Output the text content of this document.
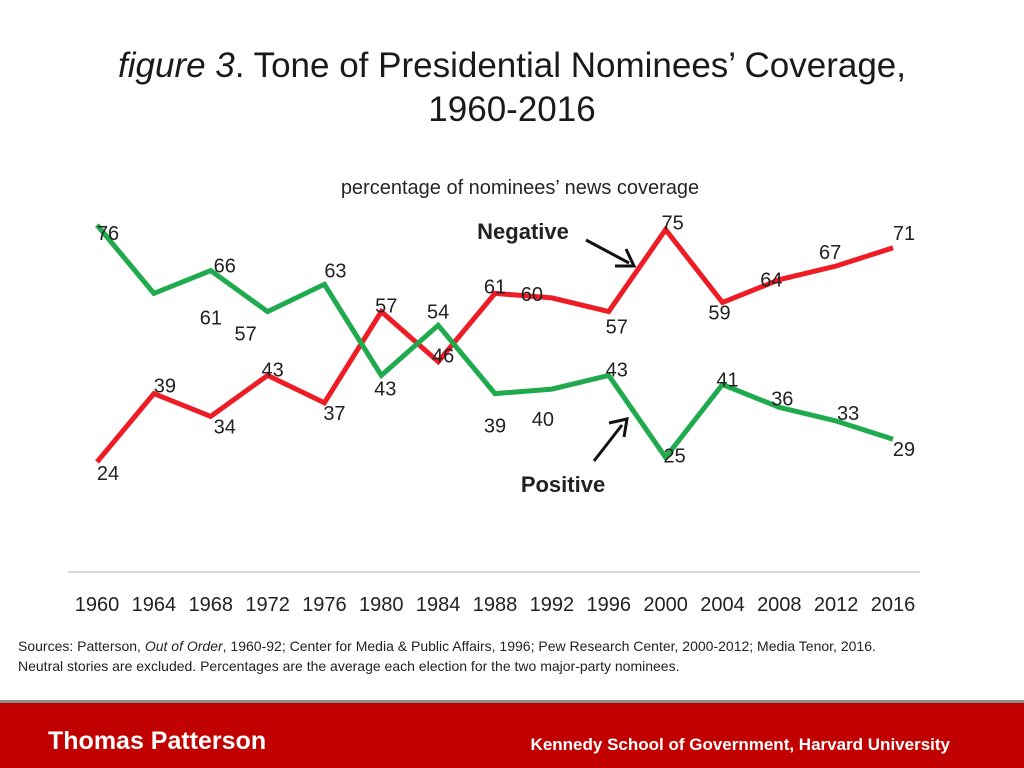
figure 3. Tone of Presidential Nominees’ Coverage,
1960-2016
percentage of nominees’ news coverage
1960 1964 1968 1972 1976 1980 1984 1988 1992 1996 2000 2004 2008 2012 2016
24
39
34
43
37
57
46
61 60
57
75
59
64
67
71
76
61
66
57
63
43
54
39 40
43
25
41
36
33
29
Negative
Positive
Sources: Patterson, Out of Order, 1960-92; Center for Media & Public Affairs, 1996; Pew Research Center, 2000-2012; Media Tenor, 2016.
Neutral stories are excluded. Percentages are the average each election for the two major-party nominees.
Thomas Patterson	Kennedy School of Government, Harvard University
